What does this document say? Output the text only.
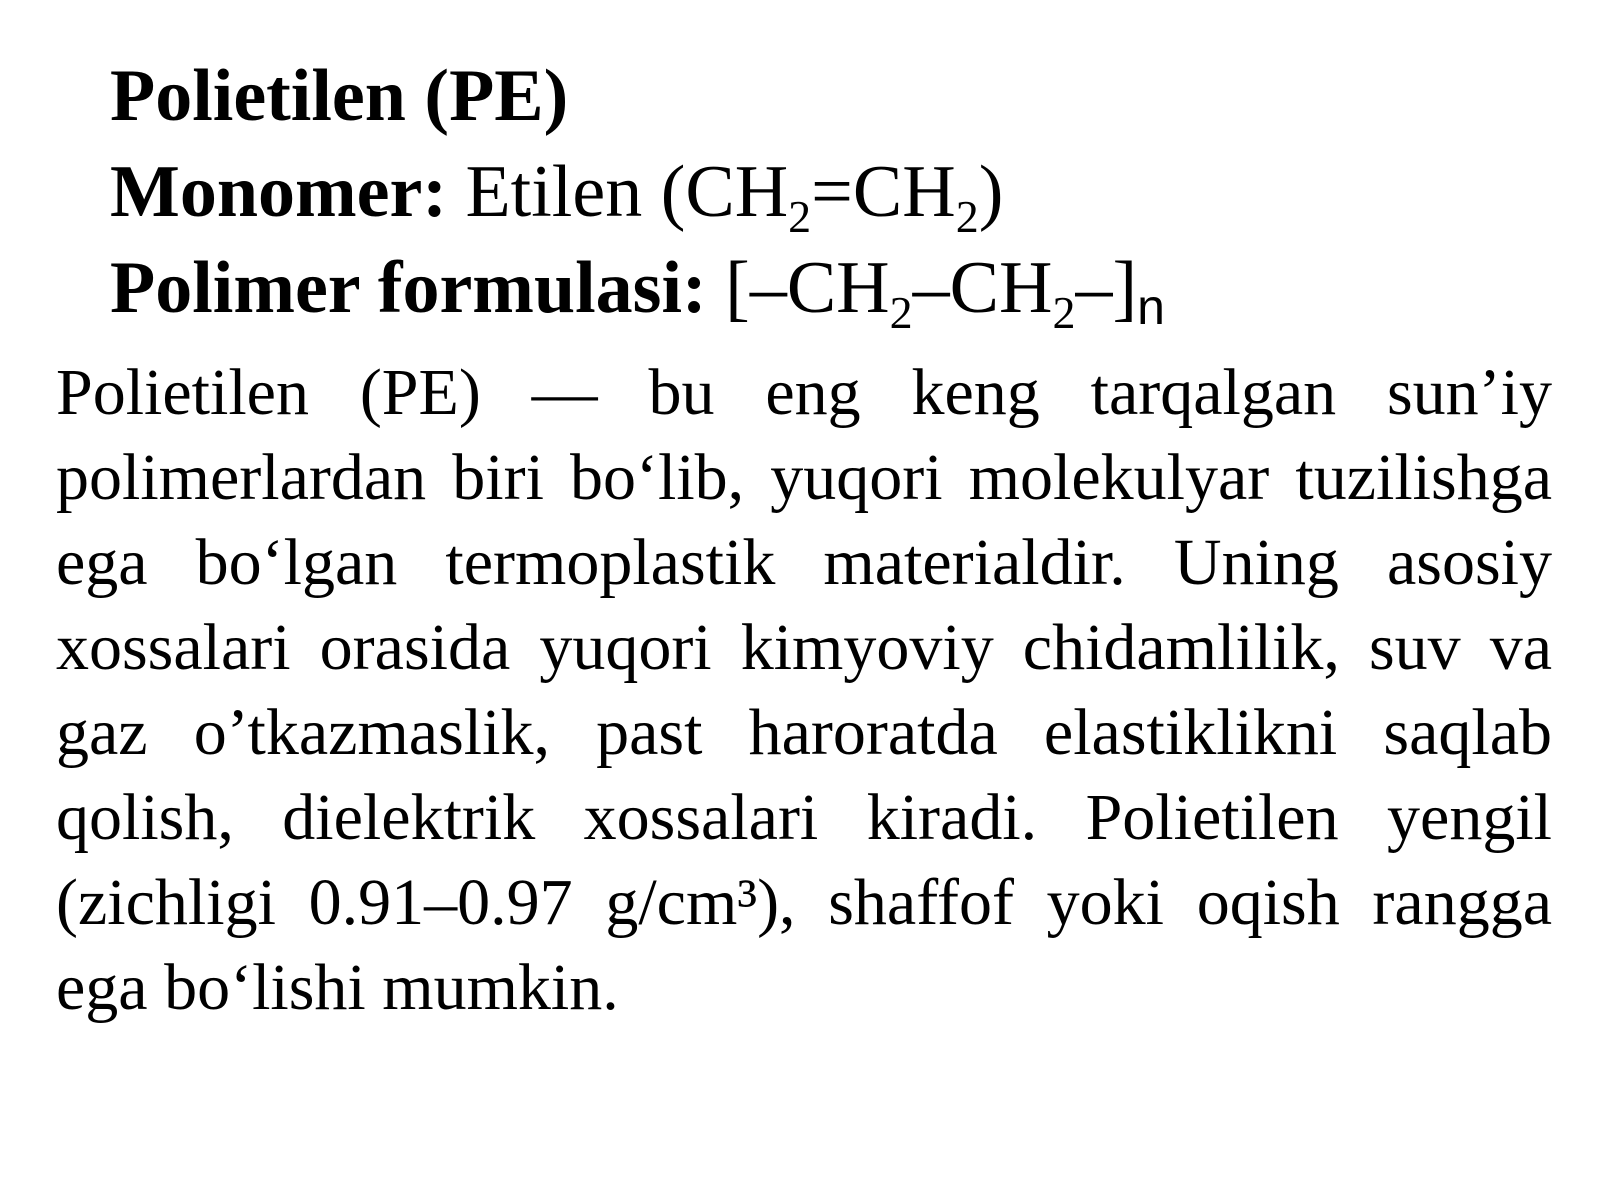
Polietilen (PE)
Monomer: Etilen $(CH_2=CH_2)$
Polimer formulasi: $[-CH_2-CH_2-]n$

Polietilen (PE) — bu eng keng tarqalgan sun’iy polimerlardan biri bo‘lib, yuqori molekulyar tuzilishga ega bo‘lgan termoplastik materialdir. Uning asosiy xossalari orasida yuqori kimyoviy chidamlilik, suv va gaz o’tkazmaslik, past haroratda elastiklikni saqlab qolish, dielektrik xossalari kiradi. Polietilen yengil (zichligi 0.91–0.97 g/cm³), shaffof yoki oqish rangga ega bo‘lishi mumkin.
